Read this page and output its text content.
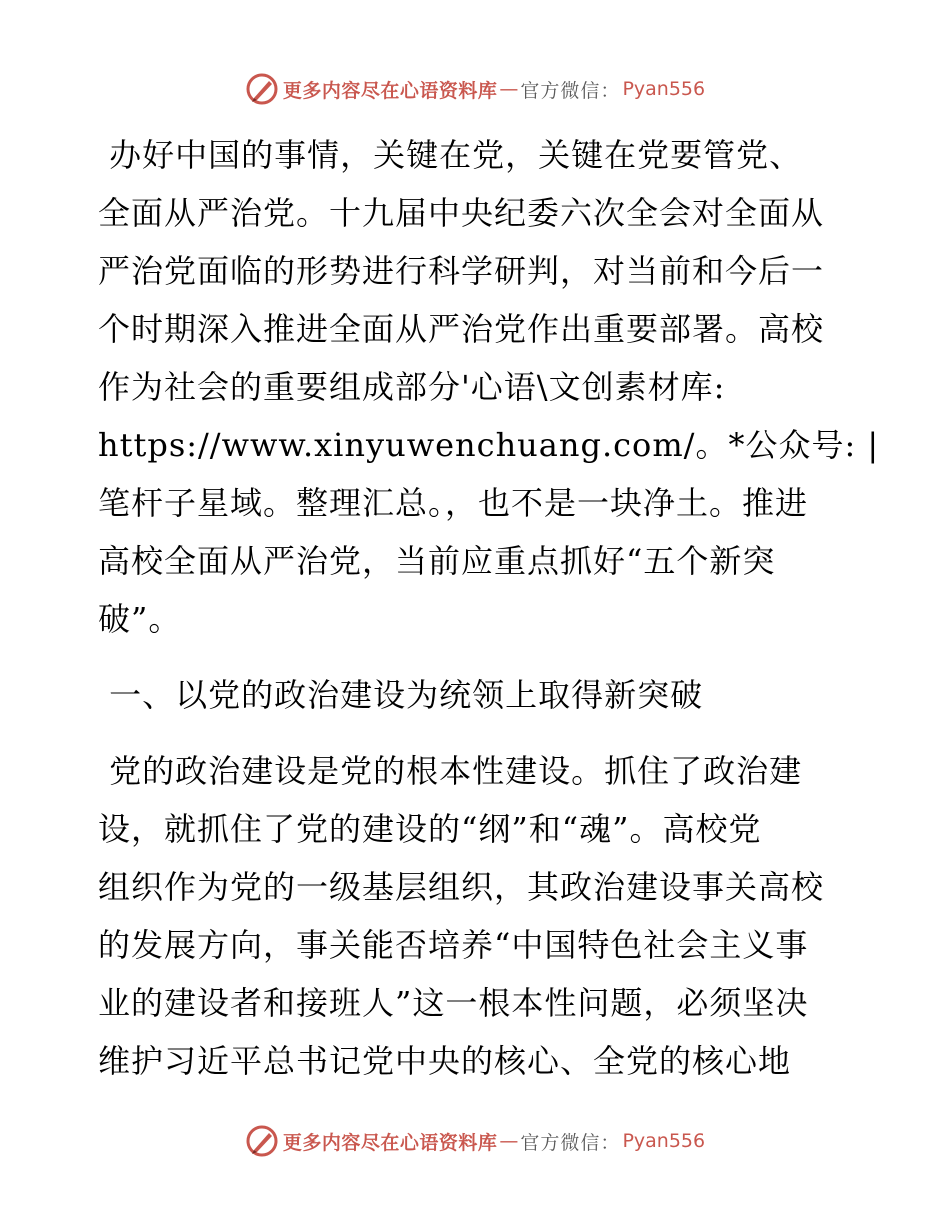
更多内容尽在心语资料库 — 官方微信： Pyan556

办好中国的事情，关键在党，关键在党要管党、

全面从严治党。十九届中央纪委六次全会对全面从

严治党面临的形势进行科学研判，对当前和今后一

个时期深入推进全面从严治党作出重要部署。高校

作为社会的重要组成部分'心语\文创素材库:

https://www.xinyuwenchuang.com/。*公众号: |

笔杆子星域。整理汇总。，也不是一块净土。推进

高校全面从严治党，当前应重点抓好“五个新突

破”。

一、以党的政治建设为统领上取得新突破

党的政治建设是党的根本性建设。抓住了政治建

设，就抓住了党的建设的“纲”和“魂”。高校党

组织作为党的一级基层组织，其政治建设事关高校

的发展方向，事关能否培养“中国特色社会主义事

业的建设者和接班人”这一根本性问题，必须坚决

维护习近平总书记党中央的核心、全党的核心地

更多内容尽在心语资料库 — 官方微信： Pyan556
